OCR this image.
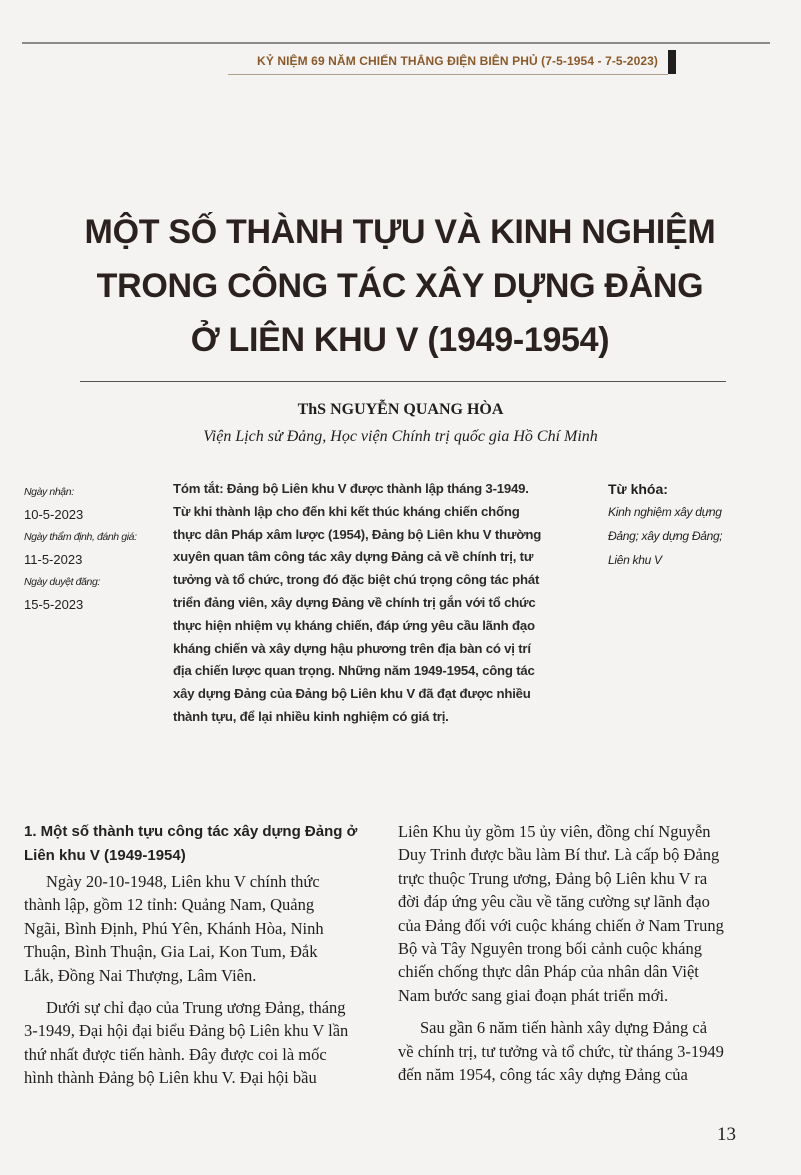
KỶ NIỆM 69 NĂM CHIẾN THẮNG ĐIỆN BIÊN PHỦ (7-5-1954 - 7-5-2023)
MỘT SỐ THÀNH TỰU VÀ KINH NGHIỆM
TRONG CÔNG TÁC XÂY DỰNG ĐẢNG
Ở LIÊN KHU V (1949-1954)
ThS NGUYỄN QUANG HÒA
Viện Lịch sử Đảng, Học viện Chính trị quốc gia Hồ Chí Minh
Ngày nhận:
10-5-2023
Ngày thẩm định, đánh giá:
11-5-2023
Ngày duyệt đăng:
15-5-2023
Tóm tắt: Đảng bộ Liên khu V được thành lập tháng 3-1949.
Từ khi thành lập cho đến khi kết thúc kháng chiến chống
thực dân Pháp xâm lược (1954), Đảng bộ Liên khu V thường
xuyên quan tâm công tác xây dựng Đảng cả về chính trị, tư
tưởng và tổ chức, trong đó đặc biệt chú trọng công tác phát
triển đảng viên, xây dựng Đảng về chính trị gắn với tổ chức
thực hiện nhiệm vụ kháng chiến, đáp ứng yêu cầu lãnh đạo
kháng chiến và xây dựng hậu phương trên địa bàn có vị trí
địa chiến lược quan trọng. Những năm 1949-1954, công tác
xây dựng Đảng của Đảng bộ Liên khu V đã đạt được nhiều
thành tựu, để lại nhiều kinh nghiệm có giá trị.
Từ khóa:
Kinh nghiệm xây dựng
Đảng; xây dựng Đảng;
Liên khu V
1. Một số thành tựu công tác xây dựng Đảng ở
Liên khu V (1949-1954)
Ngày 20-10-1948, Liên khu V chính thức
thành lập, gồm 12 tỉnh: Quảng Nam, Quảng
Ngãi, Bình Định, Phú Yên, Khánh Hòa, Ninh
Thuận, Bình Thuận, Gia Lai, Kon Tum, Đắk
Lắk, Đồng Nai Thượng, Lâm Viên.
Dưới sự chỉ đạo của Trung ương Đảng, tháng
3-1949, Đại hội đại biểu Đảng bộ Liên khu V lần
thứ nhất được tiến hành. Đây được coi là mốc
hình thành Đảng bộ Liên khu V. Đại hội bầu
Liên Khu ủy gồm 15 ủy viên, đồng chí Nguyễn
Duy Trinh được bầu làm Bí thư. Là cấp bộ Đảng
trực thuộc Trung ương, Đảng bộ Liên khu V ra
đời đáp ứng yêu cầu về tăng cường sự lãnh đạo
của Đảng đối với cuộc kháng chiến ở Nam Trung
Bộ và Tây Nguyên trong bối cảnh cuộc kháng
chiến chống thực dân Pháp của nhân dân Việt
Nam bước sang giai đoạn phát triển mới.
Sau gần 6 năm tiến hành xây dựng Đảng cả
về chính trị, tư tưởng và tổ chức, từ tháng 3-1949
đến năm 1954, công tác xây dựng Đảng của
13
